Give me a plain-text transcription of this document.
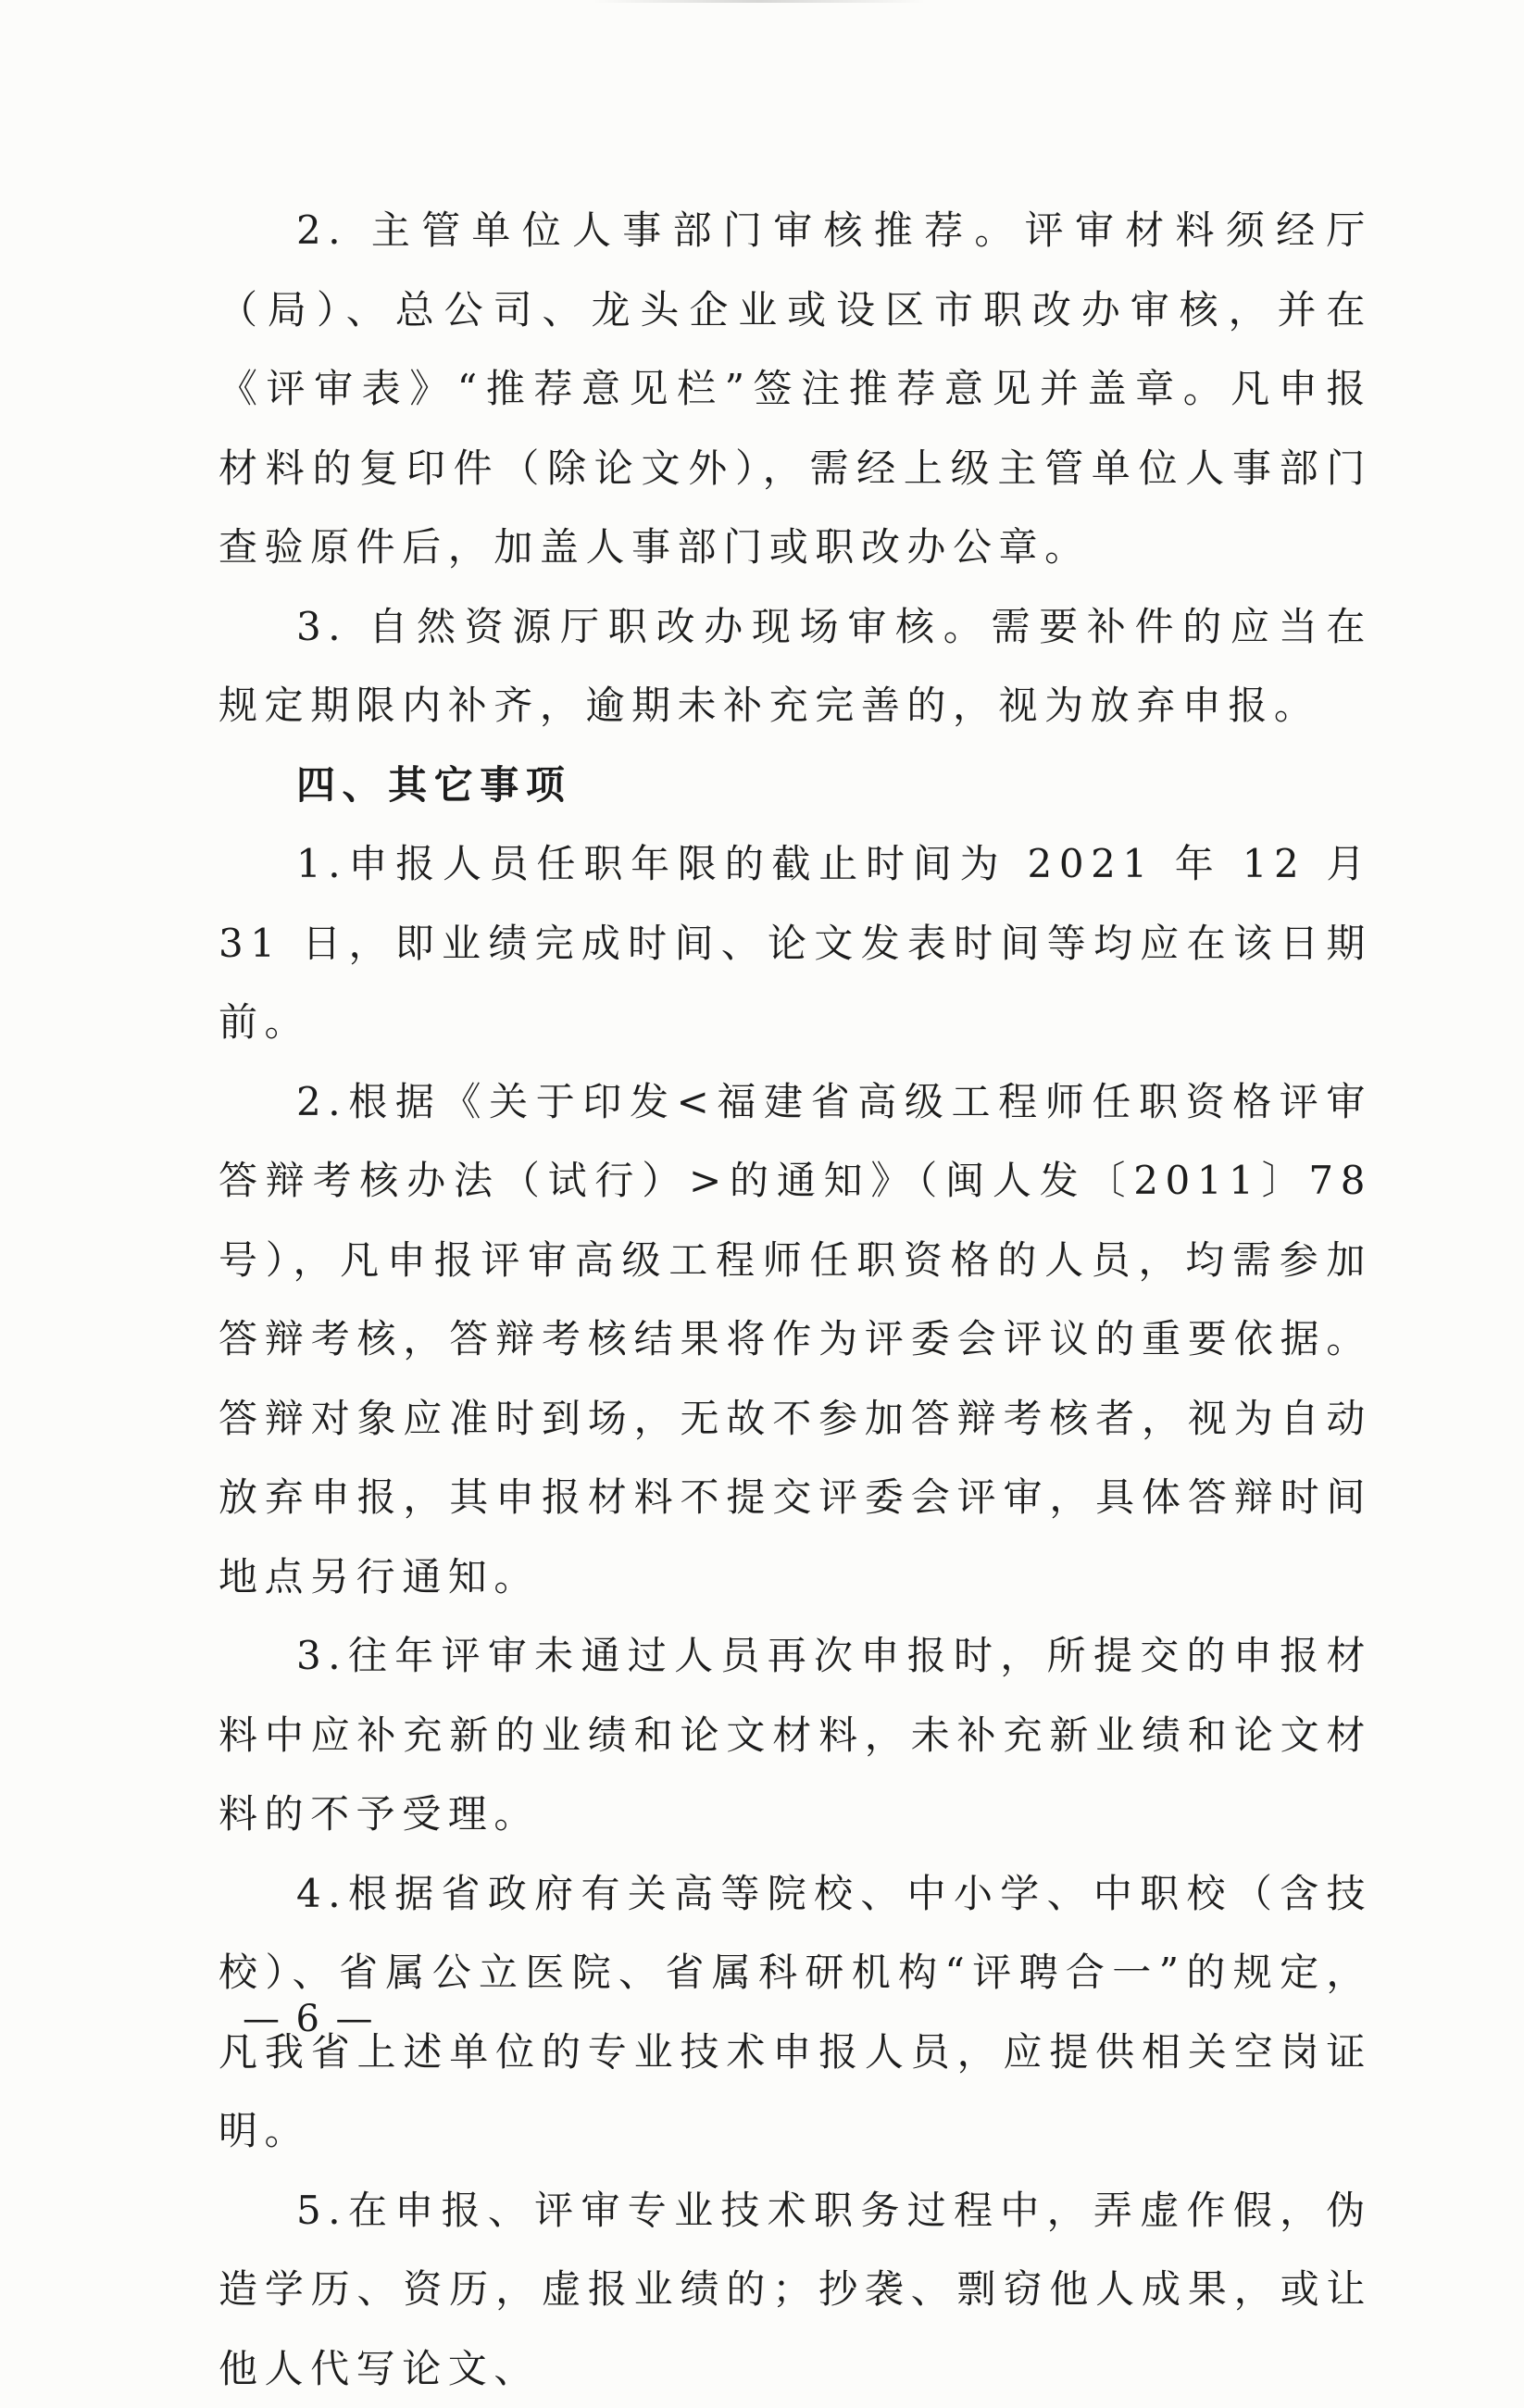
2. 主管单位人事部门审核推荐。评审材料须经厅（局）、总公司、龙头企业或设区市职改办审核，并在《评审表》“推荐意见栏”签注推荐意见并盖章。凡申报材料的复印件（除论文外），需经上级主管单位人事部门查验原件后，加盖人事部门或职改办公章。

3. 自然资源厅职改办现场审核。需要补件的应当在规定期限内补齐，逾期未补充完善的，视为放弃申报。

四、其它事项

1.申报人员任职年限的截止时间为 2021 年 12 月 31 日，即业绩完成时间、论文发表时间等均应在该日期前。

2.根据《关于印发<福建省高级工程师任职资格评审答辩考核办法（试行）>的通知》（闽人发〔2011〕78 号），凡申报评审高级工程师任职资格的人员，均需参加答辩考核，答辩考核结果将作为评委会评议的重要依据。答辩对象应准时到场，无故不参加答辩考核者，视为自动放弃申报，其申报材料不提交评委会评审，具体答辩时间地点另行通知。

3.往年评审未通过人员再次申报时，所提交的申报材料中应补充新的业绩和论文材料，未补充新业绩和论文材料的不予受理。

4.根据省政府有关高等院校、中小学、中职校（含技校）、省属公立医院、省属科研机构“评聘合一”的规定，凡我省上述单位的专业技术申报人员，应提供相关空岗证明。

5.在申报、评审专业技术职务过程中，弄虚作假，伪造学历、资历，虚报业绩的；抄袭、剽窃他人成果，或让他人代写论文、

— 6 —
